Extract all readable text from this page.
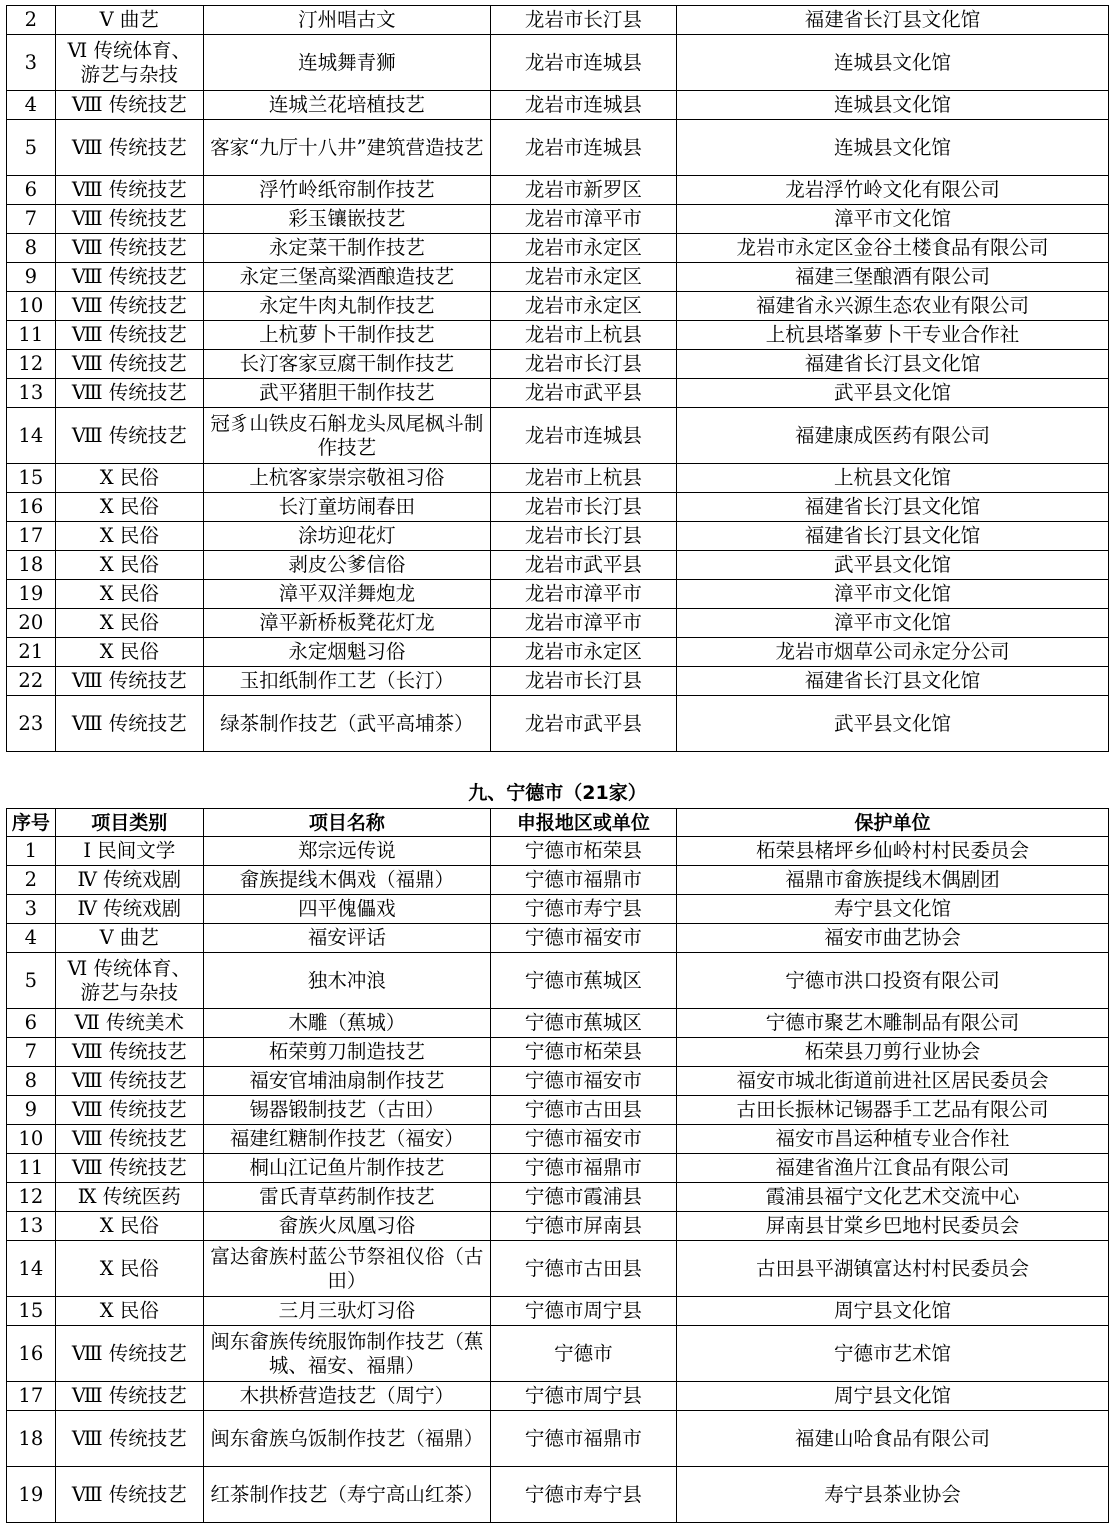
2	Ⅴ 曲艺	汀州唱古文	龙岩市长汀县	福建省长汀县文化馆
3	Ⅵ 传统体育、游艺与杂技	连城舞青狮	龙岩市连城县	连城县文化馆
4	Ⅷ 传统技艺	连城兰花培植技艺	龙岩市连城县	连城县文化馆
5	Ⅷ 传统技艺	客家“九厅十八井”建筑营造技艺	龙岩市连城县	连城县文化馆
6	Ⅷ 传统技艺	浮竹岭纸帘制作技艺	龙岩市新罗区	龙岩浮竹岭文化有限公司
7	Ⅷ 传统技艺	彩玉镶嵌技艺	龙岩市漳平市	漳平市文化馆
8	Ⅷ 传统技艺	永定菜干制作技艺	龙岩市永定区	龙岩市永定区金谷土楼食品有限公司
9	Ⅷ 传统技艺	永定三堡高粱酒酿造技艺	龙岩市永定区	福建三堡酿酒有限公司
10	Ⅷ 传统技艺	永定牛肉丸制作技艺	龙岩市永定区	福建省永兴源生态农业有限公司
11	Ⅷ 传统技艺	上杭萝卜干制作技艺	龙岩市上杭县	上杭县塔峯萝卜干专业合作社
12	Ⅷ 传统技艺	长汀客家豆腐干制作技艺	龙岩市长汀县	福建省长汀县文化馆
13	Ⅷ 传统技艺	武平猪胆干制作技艺	龙岩市武平县	武平县文化馆
14	Ⅷ 传统技艺	冠豸山铁皮石斛龙头凤尾枫斗制作技艺	龙岩市连城县	福建康成医药有限公司
15	Ⅹ 民俗	上杭客家崇宗敬祖习俗	龙岩市上杭县	上杭县文化馆
16	Ⅹ 民俗	长汀童坊闹春田	龙岩市长汀县	福建省长汀县文化馆
17	Ⅹ 民俗	涂坊迎花灯	龙岩市长汀县	福建省长汀县文化馆
18	Ⅹ 民俗	剥皮公爹信俗	龙岩市武平县	武平县文化馆
19	Ⅹ 民俗	漳平双洋舞炮龙	龙岩市漳平市	漳平市文化馆
20	Ⅹ 民俗	漳平新桥板凳花灯龙	龙岩市漳平市	漳平市文化馆
21	Ⅹ 民俗	永定烟魁习俗	龙岩市永定区	龙岩市烟草公司永定分公司
22	Ⅷ 传统技艺	玉扣纸制作工艺（长汀）	龙岩市长汀县	福建省长汀县文化馆
23	Ⅷ 传统技艺	绿茶制作技艺（武平高埔茶）	龙岩市武平县	武平县文化馆
九、宁德市（21家）
序号	项目类别	项目名称	申报地区或单位	保护单位
1	Ⅰ 民间文学	郑宗远传说	宁德市柘荣县	柘荣县楮坪乡仙岭村村民委员会
2	Ⅳ 传统戏剧	畲族提线木偶戏（福鼎）	宁德市福鼎市	福鼎市畲族提线木偶剧团
3	Ⅳ 传统戏剧	四平傀儡戏	宁德市寿宁县	寿宁县文化馆
4	Ⅴ 曲艺	福安评话	宁德市福安市	福安市曲艺协会
5	Ⅵ 传统体育、游艺与杂技	独木冲浪	宁德市蕉城区	宁德市洪口投资有限公司
6	Ⅶ 传统美术	木雕（蕉城）	宁德市蕉城区	宁德市聚艺木雕制品有限公司
7	Ⅷ 传统技艺	柘荣剪刀制造技艺	宁德市柘荣县	柘荣县刀剪行业协会
8	Ⅷ 传统技艺	福安官埔油扇制作技艺	宁德市福安市	福安市城北街道前进社区居民委员会
9	Ⅷ 传统技艺	锡器锻制技艺（古田）	宁德市古田县	古田长振林记锡器手工艺品有限公司
10	Ⅷ 传统技艺	福建红糖制作技艺（福安）	宁德市福安市	福安市昌运种植专业合作社
11	Ⅷ 传统技艺	桐山江记鱼片制作技艺	宁德市福鼎市	福建省渔片江食品有限公司
12	Ⅸ 传统医药	雷氏青草药制作技艺	宁德市霞浦县	霞浦县福宁文化艺术交流中心
13	Ⅹ 民俗	畲族火凤凰习俗	宁德市屏南县	屏南县甘棠乡巴地村民委员会
14	Ⅹ 民俗	富达畲族村蓝公节祭祖仪俗（古田）	宁德市古田县	古田县平湖镇富达村村民委员会
15	Ⅹ 民俗	三月三驮灯习俗	宁德市周宁县	周宁县文化馆
16	Ⅷ 传统技艺	闽东畲族传统服饰制作技艺（蕉城、福安、福鼎）	宁德市	宁德市艺术馆
17	Ⅷ 传统技艺	木拱桥营造技艺（周宁）	宁德市周宁县	周宁县文化馆
18	Ⅷ 传统技艺	闽东畲族乌饭制作技艺（福鼎）	宁德市福鼎市	福建山哈食品有限公司
19	Ⅷ 传统技艺	红茶制作技艺（寿宁高山红茶）	宁德市寿宁县	寿宁县茶业协会
